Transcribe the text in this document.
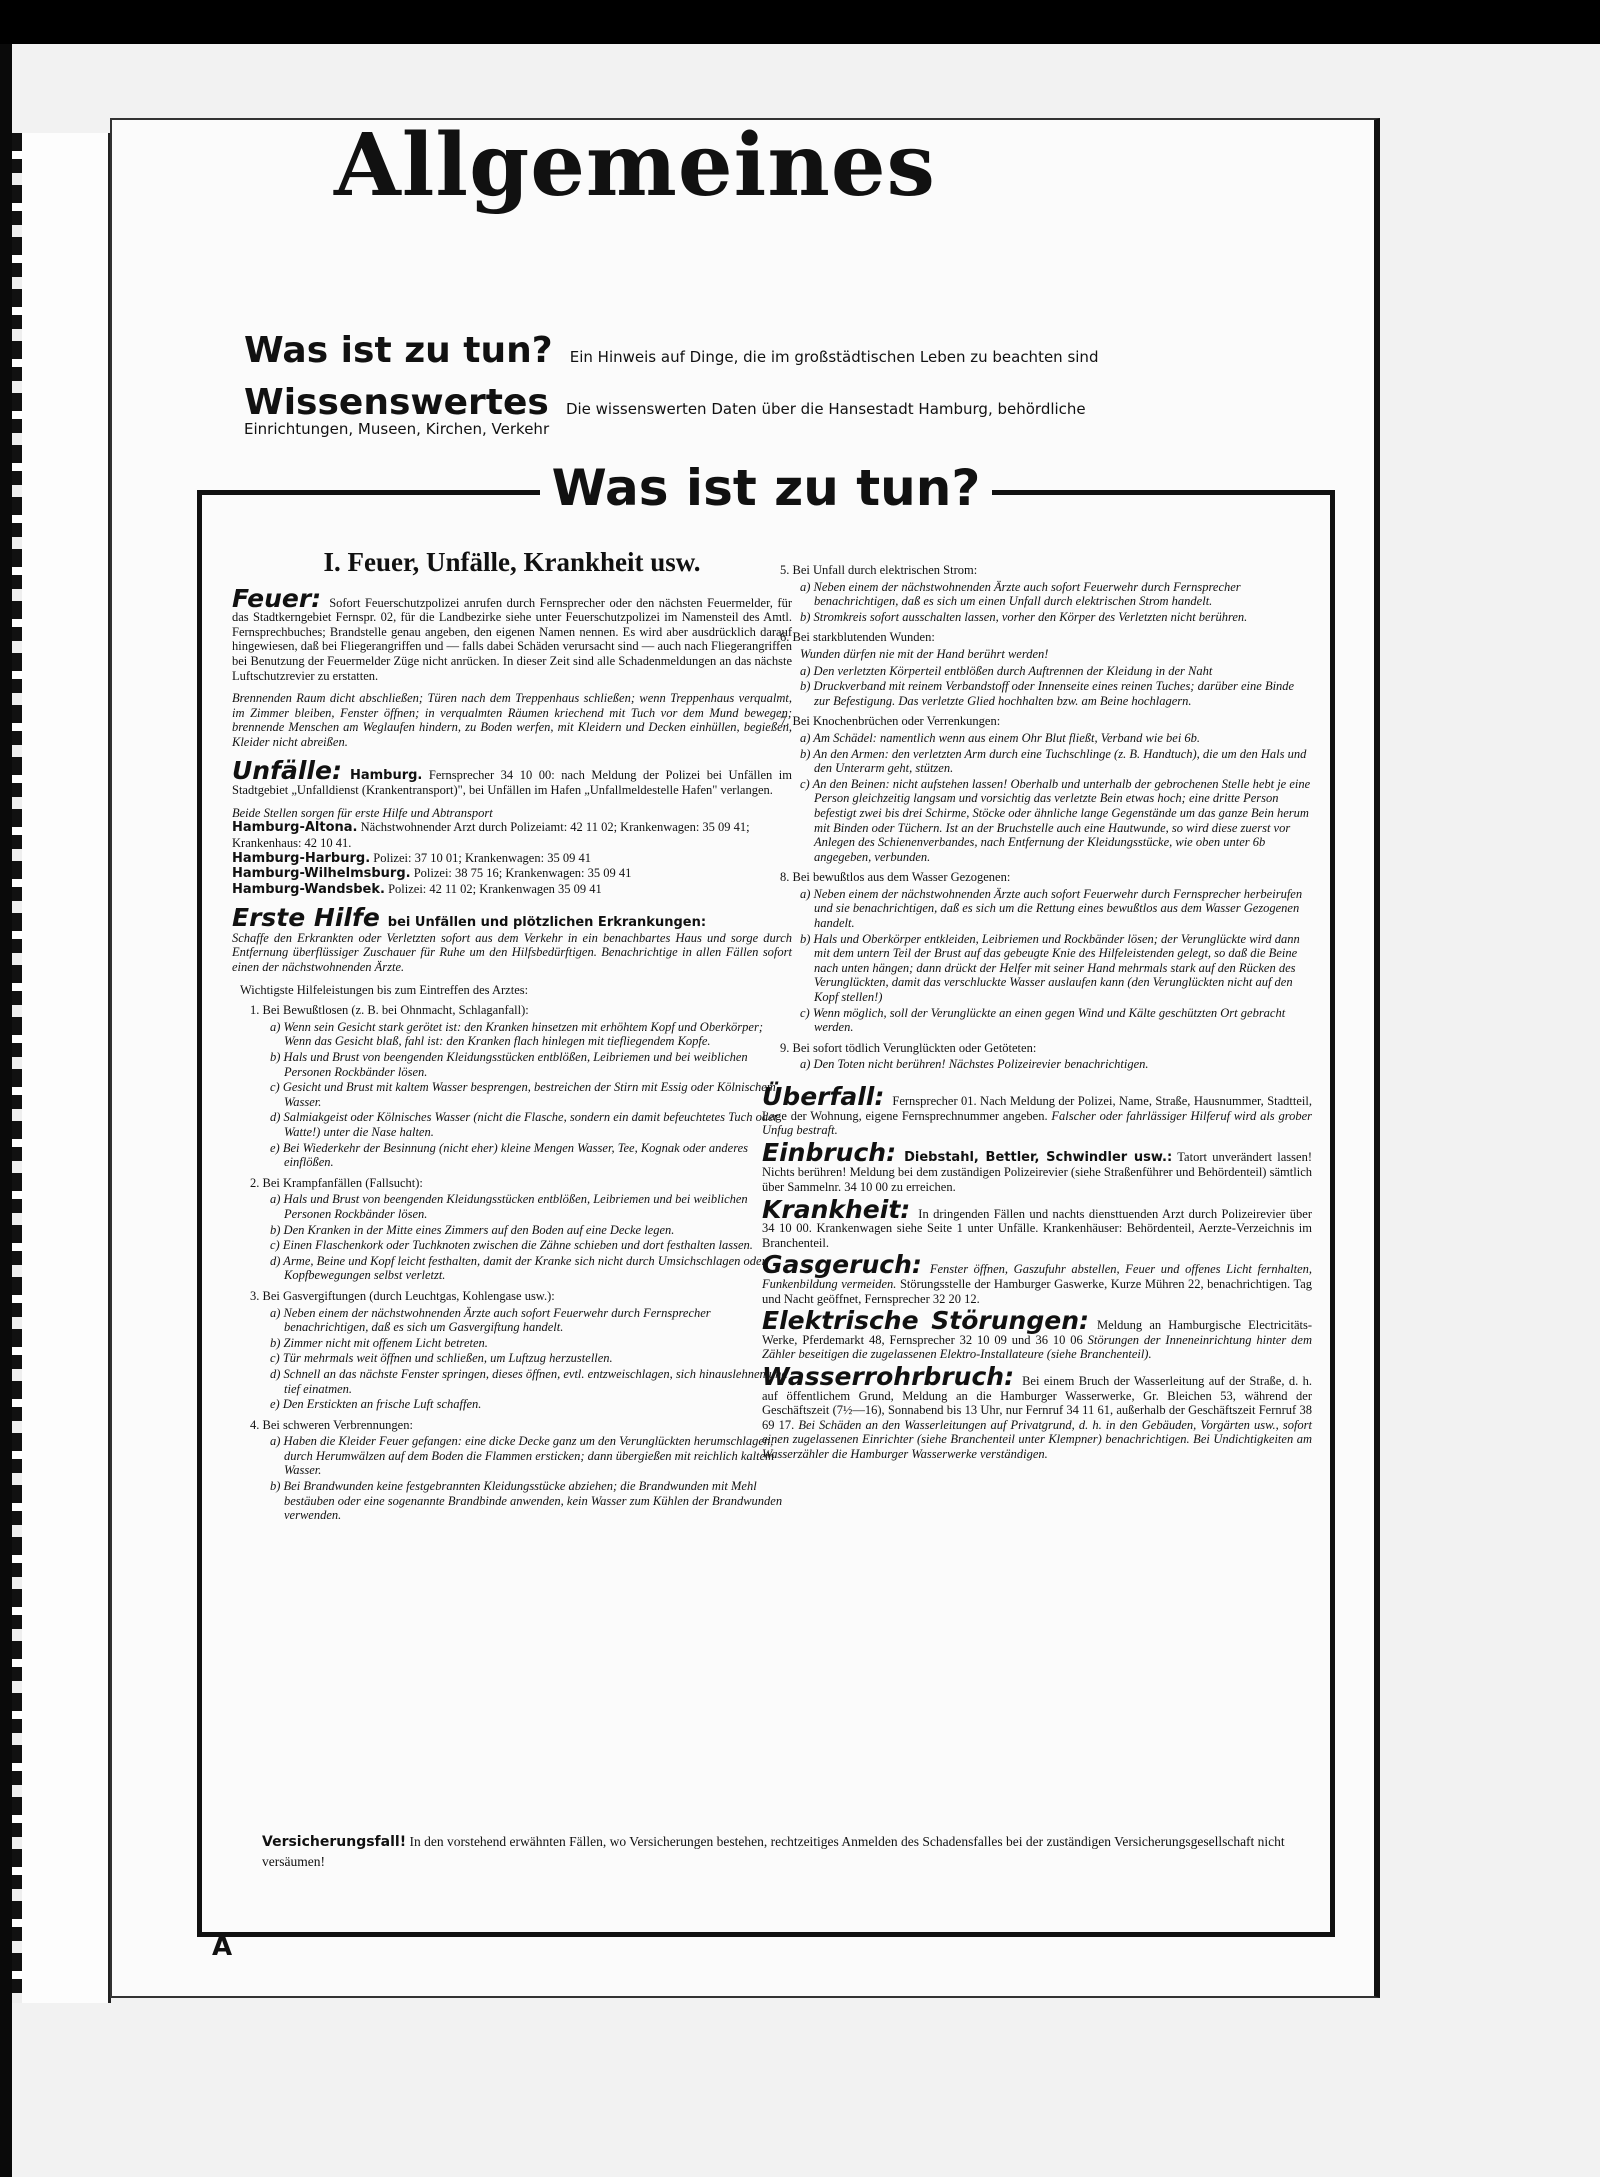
Allgemeines
Was ist zu tun? Ein Hinweis auf Dinge, die im großstädtischen Leben zu beachten sind
Wissenswertes Die wissenswerten Daten über die Hansestadt Hamburg, behördliche Einrichtungen, Museen, Kirchen, Verkehr
Was ist zu tun?
I. Feuer, Unfälle, Krankheit usw.

Feuer: Sofort Feuerschutzpolizei anrufen durch Fernsprecher oder den nächsten Feuermelder, für das Stadtkerngebiet Fernspr. 02, für die Landbezirke siehe unter Feuerschutzpolizei im Namensteil des Amtl. Fernsprechbuches; Brandstelle genau angeben, den eigenen Namen nennen. Es wird aber ausdrücklich darauf hingewiesen, daß bei Fliegerangriffen und — falls dabei Schäden verursacht sind — auch nach Fliegerangriffen bei Benutzung der Feuermelder Züge nicht anrücken. In dieser Zeit sind alle Schadenmeldungen an das nächste Luftschutzrevier zu erstatten.

Brennenden Raum dicht abschließen; Türen nach dem Treppenhaus schließen; wenn Treppenhaus verqualmt, im Zimmer bleiben, Fenster öffnen; in verqualmten Räumen kriechend mit Tuch vor dem Mund bewegen; brennende Menschen am Weglaufen hindern, zu Boden werfen, mit Kleidern und Decken einhüllen, begießen, Kleider nicht abreißen.

Unfälle: Hamburg. Fernsprecher 34 10 00: nach Meldung der Polizei bei Unfällen im Stadtgebiet „Unfalldienst (Krankentransport)", bei Unfällen im Hafen „Unfallmeldestelle Hafen" verlangen.

Beide Stellen sorgen für erste Hilfe und Abtransport

Hamburg-Altona. Nächstwohnender Arzt durch Polizeiamt: 42 11 02; Krankenwagen: 35 09 41; Krankenhaus: 42 10 41.
Hamburg-Harburg. Polizei: 37 10 01; Krankenwagen: 35 09 41
Hamburg-Wilhelmsburg. Polizei: 38 75 16; Krankenwagen: 35 09 41
Hamburg-Wandsbek. Polizei: 42 11 02; Krankenwagen 35 09 41
Erste Hilfe bei Unfällen und plötzlichen Erkrankungen:

Schaffe den Erkrankten oder Verletzten sofort aus dem Verkehr in ein benachbartes Haus und sorge durch Entfernung überflüssiger Zuschauer für Ruhe um den Hilfsbedürftigen. Benachrichtige in allen Fällen sofort einen der nächstwohnenden Ärzte.

Wichtigste Hilfeleistungen bis zum Eintreffen des Arztes:
1. Bei Bewußtlosen (z. B. bei Ohnmacht, Schlaganfall):
a) Wenn sein Gesicht stark gerötet ist: den Kranken hinsetzen mit erhöhtem Kopf und Oberkörper; Wenn das Gesicht blaß, fahl ist: den Kranken flach hinlegen mit tiefliegendem Kopfe.
b) Hals und Brust von beengenden Kleidungsstücken entblößen, Leibriemen und bei weiblichen Personen Rockbänder lösen.
c) Gesicht und Brust mit kaltem Wasser besprengen, bestreichen der Stirn mit Essig oder Kölnischem Wasser.
d) Salmiakgeist oder Kölnisches Wasser (nicht die Flasche, sondern ein damit befeuchtetes Tuch oder Watte!) unter die Nase halten.
e) Bei Wiederkehr der Besinnung (nicht eher) kleine Mengen Wasser, Tee, Kognak oder anderes einflößen.
2. Bei Krampfanfällen (Fallsucht):
a) Hals und Brust von beengenden Kleidungsstücken entblößen, Leibriemen und bei weiblichen Personen Rockbänder lösen.
b) Den Kranken in der Mitte eines Zimmers auf den Boden auf eine Decke legen.
c) Einen Flaschenkork oder Tuchknoten zwischen die Zähne schieben und dort festhalten lassen.
d) Arme, Beine und Kopf leicht festhalten, damit der Kranke sich nicht durch Umsichschlagen oder Kopfbewegungen selbst verletzt.
3. Bei Gasvergiftungen (durch Leuchtgas, Kohlengase usw.):
a) Neben einem der nächstwohnenden Ärzte auch sofort Feuerwehr durch Fernsprecher benachrichtigen, daß es sich um Gasvergiftung handelt.
b) Zimmer nicht mit offenem Licht betreten.
c) Tür mehrmals weit öffnen und schließen, um Luftzug herzustellen.
d) Schnell an das nächste Fenster springen, dieses öffnen, evtl. entzweischlagen, sich hinauslehnen und tief einatmen.
e) Den Erstickten an frische Luft schaffen.
4. Bei schweren Verbrennungen:
a) Haben die Kleider Feuer gefangen: eine dicke Decke ganz um den Verunglückten herumschlagen, durch Herumwälzen auf dem Boden die Flammen ersticken; dann übergießen mit reichlich kaltem Wasser.
b) Bei Brandwunden keine festgebrannten Kleidungsstücke abziehen; die Brandwunden mit Mehl bestäuben oder eine sogenannte Brandbinde anwenden, kein Wasser zum Kühlen der Brandwunden verwenden.
5. Bei Unfall durch elektrischen Strom:
a) Neben einem der nächstwohnenden Ärzte auch sofort Feuerwehr durch Fernsprecher benachrichtigen, daß es sich um einen Unfall durch elektrischen Strom handelt.
b) Stromkreis sofort ausschalten lassen, vorher den Körper des Verletzten nicht berühren.
6. Bei starkblutenden Wunden:
Wunden dürfen nie mit der Hand berührt werden!
a) Den verletzten Körperteil entblößen durch Auftrennen der Kleidung in der Naht
b) Druckverband mit reinem Verbandstoff oder Innenseite eines reinen Tuches; darüber eine Binde zur Befestigung. Das verletzte Glied hochhalten bzw. am Beine hochlagern.
7. Bei Knochenbrüchen oder Verrenkungen:
a) Am Schädel: namentlich wenn aus einem Ohr Blut fließt, Verband wie bei 6b.
b) An den Armen: den verletzten Arm durch eine Tuchschlinge (z. B. Handtuch), die um den Hals und den Unterarm geht, stützen.
c) An den Beinen: nicht aufstehen lassen! Oberhalb und unterhalb der gebrochenen Stelle hebt je eine Person gleichzeitig langsam und vorsichtig das verletzte Bein etwas hoch; eine dritte Person befestigt zwei bis drei Schirme, Stöcke oder ähnliche lange Gegenstände um das ganze Bein herum mit Binden oder Tüchern. Ist an der Bruchstelle auch eine Hautwunde, so wird diese zuerst vor Anlegen des Schienenverbandes, nach Entfernung der Kleidungsstücke, wie oben unter 6b angegeben, verbunden.
8. Bei bewußtlos aus dem Wasser Gezogenen:
a) Neben einem der nächstwohnenden Ärzte auch sofort Feuerwehr durch Fernsprecher herbeirufen und sie benachrichtigen, daß es sich um die Rettung eines bewußtlos aus dem Wasser Gezogenen handelt.
b) Hals und Oberkörper entkleiden, Leibriemen und Rockbänder lösen; der Verunglückte wird dann mit dem untern Teil der Brust auf das gebeugte Knie des Hilfeleistenden gelegt, so daß die Beine nach unten hängen; dann drückt der Helfer mit seiner Hand mehrmals stark auf den Rücken des Verunglückten, damit das verschluckte Wasser auslaufen kann (den Verunglückten nicht auf den Kopf stellen!)
c) Wenn möglich, soll der Verunglückte an einen gegen Wind und Kälte geschützten Ort gebracht werden.
9. Bei sofort tödlich Verunglückten oder Getöteten:
a) Den Toten nicht berühren! Nächstes Polizeirevier benachrichtigen.

Überfall: Fernsprecher 01. Nach Meldung der Polizei, Name, Straße, Hausnummer, Stadtteil, Lage der Wohnung, eigene Fernsprechnummer angeben. Falscher oder fahrlässiger Hilferuf wird als grober Unfug bestraft.

Einbruch: Diebstahl, Bettler, Schwindler usw.: Tatort unverändert lassen! Nichts berühren! Meldung bei dem zuständigen Polizeirevier (siehe Straßenführer und Behördenteil) sämtlich über Sammelnr. 34 10 00 zu erreichen.

Krankheit: In dringenden Fällen und nachts diensttuenden Arzt durch Polizeirevier über 34 10 00. Krankenwagen siehe Seite 1 unter Unfälle. Krankenhäuser: Behördenteil, Aerzte-Verzeichnis im Branchenteil.

Gasgeruch: Fenster öffnen, Gaszufuhr abstellen, Feuer und offenes Licht fernhalten, Funkenbildung vermeiden. Störungsstelle der Hamburger Gaswerke, Kurze Mühren 22, benachrichtigen. Tag und Nacht geöffnet, Fernsprecher 32 20 12.

Elektrische Störungen: Meldung an Hamburgische Electricitäts-Werke, Pferdemarkt 48, Fernsprecher 32 10 09 und 36 10 06 Störungen der Inneneinrichtung hinter dem Zähler beseitigen die zugelassenen Elektro-Installateure (siehe Branchenteil).

Wasserrohrbruch: Bei einem Bruch der Wasserleitung auf der Straße, d. h. auf öffentlichem Grund, Meldung an die Hamburger Wasserwerke, Gr. Bleichen 53, während der Geschäftszeit (7½—16), Sonnabend bis 13 Uhr, nur Fernruf 34 11 61, außerhalb der Geschäftszeit Fernruf 38 69 17. Bei Schäden an den Wasserleitungen auf Privatgrund, d. h. in den Gebäuden, Vorgärten usw., sofort einen zugelassenen Einrichter (siehe Branchenteil unter Klempner) benachrichtigen. Bei Undichtigkeiten am Wasserzähler die Hamburger Wasserwerke verständigen.

Versicherungsfall! In den vorstehend erwähnten Fällen, wo Versicherungen bestehen, rechtzeitiges Anmelden des Schadensfalles bei der zuständigen Versicherungsgesellschaft nicht versäumen!
A
